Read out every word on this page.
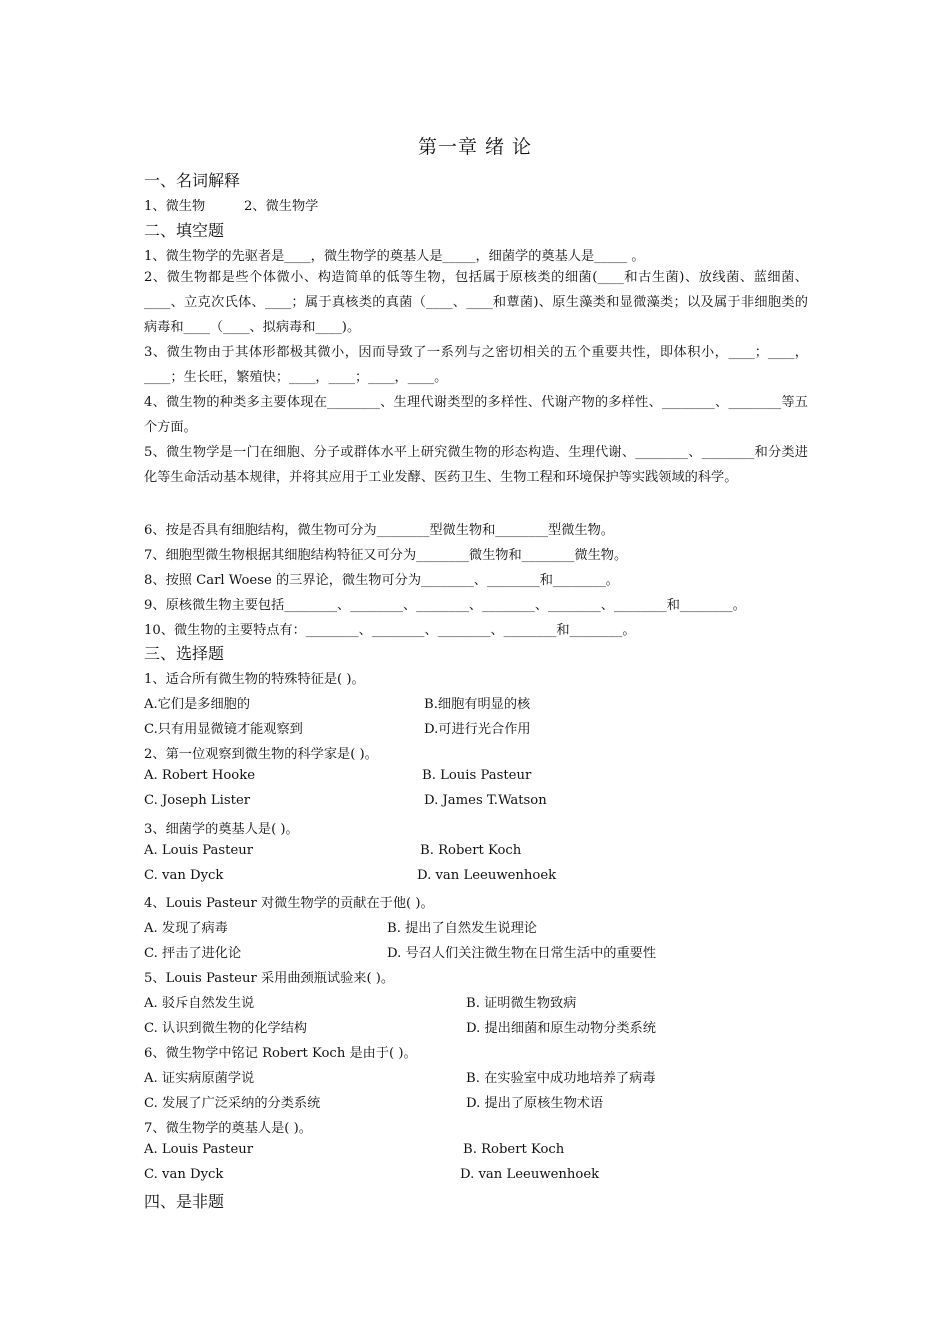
第一章 绪 论
一、名词解释
1、微生物	2、微生物学
二、填空题
1、微生物学的先驱者是____，微生物学的奠基人是_____，细菌学的奠基人是_____ 。
2、微生物都是些个体微小、构造简单的低等生物，包括属于原核类的细菌(____和古生菌)、放线菌、蓝细菌、____、立克次氏体、____；属于真核类的真菌（____、____和蕈菌)、原生藻类和显微藻类；以及属于非细胞类的病毒和____（____、拟病毒和____)。
3、微生物由于其体形都极其微小，因而导致了一系列与之密切相关的五个重要共性，即体积小，____；____，____；生长旺，繁殖快；____，____；____，____。
4、微生物的种类多主要体现在________、生理代谢类型的多样性、代谢产物的多样性、________、________等五个方面。
5、微生物学是一门在细胞、分子或群体水平上研究微生物的形态构造、生理代谢、________、________和分类进化等生命活动基本规律，并将其应用于工业发酵、医药卫生、生物工程和环境保护等实践领域的科学。
6、按是否具有细胞结构，微生物可分为________型微生物和________型微生物。
7、细胞型微生物根据其细胞结构特征又可分为________微生物和________微生物。
8、按照 Carl Woese 的三界论，微生物可分为________、________和________。
9、原核微生物主要包括________、________、________、________、________、________和________。
10、微生物的主要特点有：________、________、________、________和________。
三、选择题
1、适合所有微生物的特殊特征是( )。
A.它们是多细胞的	B.细胞有明显的核
C.只有用显微镜才能观察到	D.可进行光合作用
2、第一位观察到微生物的科学家是( )。
A. Robert Hooke	B. Louis Pasteur
C. Joseph Lister	D. James T.Watson
3、细菌学的奠基人是( )。
A. Louis Pasteur	B. Robert Koch
C. van Dyck	D. van Leeuwenhoek
4、Louis Pasteur 对微生物学的贡献在于他( )。
A. 发现了病毒	B. 提出了自然发生说理论
C. 抨击了进化论	D. 号召人们关注微生物在日常生活中的重要性
5、Louis Pasteur 采用曲颈瓶试验来( )。
A. 驳斥自然发生说	B. 证明微生物致病
C. 认识到微生物的化学结构	D. 提出细菌和原生动物分类系统
6、微生物学中铭记 Robert Koch 是由于( )。
A. 证实病原菌学说	B. 在实验室中成功地培养了病毒
C. 发展了广泛采纳的分类系统	D. 提出了原核生物术语
7、微生物学的奠基人是( )。
A. Louis Pasteur	B. Robert Koch
C. van Dyck	D. van Leeuwenhoek
四、是非题
